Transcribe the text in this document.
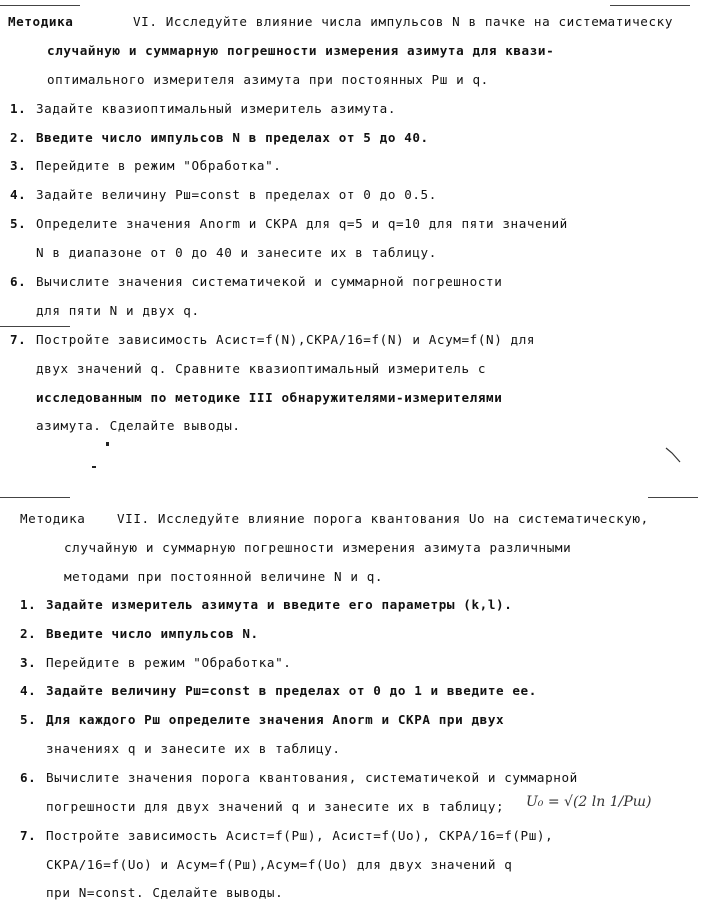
Методика	VI. Исследуйте влияние числа импульсов N в пачке на систематическу
случайную и суммарную погрешности измерения азимута для квази-
оптимального измерителя азимута при постоянных Рш и q.
1. Задайте квазиоптимальный измеритель азимута.
2. Введите число импульсов N в пределах от 5 до 40.
3. Перейдите в режим "Обработка".
4. Задайте величину Рш=const в пределах от 0 до 0.5.
5. Определите значения Аnorm и СКРА для q=5 и q=10 для пяти значений
N в диапазоне от 0 до 40 и занесите их в таблицу.
6. Вычислите значения систематичекой и суммарной погрешности
для пяти N и двух q.
7. Постройте зависимость Асист=f(N),СКРА/16=f(N) и Асум=f(N) для
двух значений q. Сравните квазиоптимальный измеритель с
исследованным по методике III обнаружителями-измерителями
азимута. Сделайте выводы.
Методика	VII. Исследуйте влияние порога квантования Uо на систематическую,
случайную и суммарную погрешности измерения азимута различными
методами при постоянной величине N и q.
1. Задайте измеритель азимута и введите его параметры (k,l).
2. Введите число импульсов N.
3. Перейдите в режим "Обработка".
4. Задайте величину Рш=const в пределах от 0 до 1 и введите ее.
5. Для каждого Рш определите значения Аnorm и СКРА при двух
значениях q и занесите их в таблицу.
6. Вычислите значения порога квантования, систематичекой и суммарной
погрешности для двух значений q и занесите их в таблицу; U₀ = √(2 ln 1/Рш)
7. Постройте зависимость Асист=f(Рш), Асист=f(Uo), СКРА/16=f(Рш),
СКРА/16=f(Uo) и Асум=f(Рш),Асум=f(Uo) для двух значений q
при N=const. Сделайте выводы.
